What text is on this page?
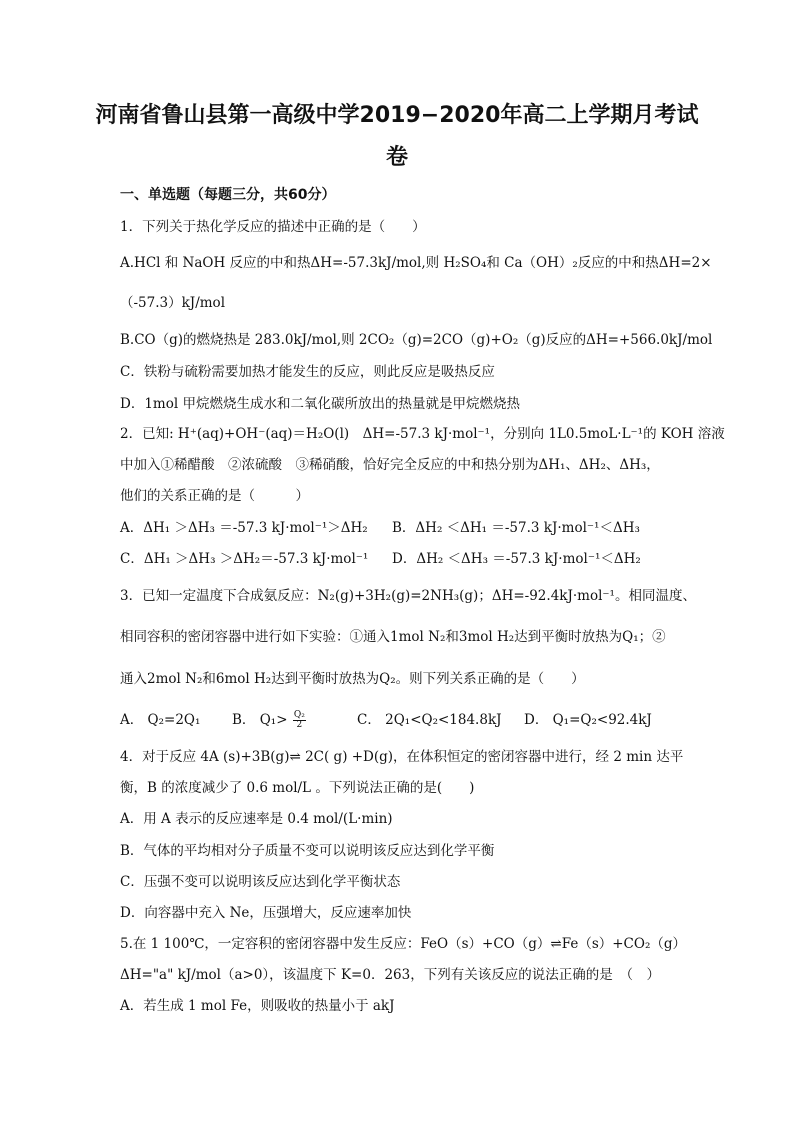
河南省鲁山县第一高级中学2019−2020年高二上学期月考试
卷
一、单选题（每题三分，共60分）
1．下列关于热化学反应的描述中正确的是（　　）
A.HCl 和 NaOH 反应的中和热ΔH=-57.3kJ/mol,则 H₂SO₄和 Ca（OH）₂反应的中和热ΔH=2×
（-57.3）kJ/mol
B.CO（g)的燃烧热是 283.0kJ/mol,则 2CO₂（g)=2CO（g)+O₂（g)反应的ΔH=+566.0kJ/mol
C．铁粉与硫粉需要加热才能发生的反应，则此反应是吸热反应
D．1mol 甲烷燃烧生成水和二氧化碳所放出的热量就是甲烷燃烧热
2．已知: H⁺(aq)+OH⁻(aq)＝H₂O(l)　ΔH=-57.3 kJ·mol⁻¹，分别向 1L0.5moL·L⁻¹的 KOH 溶液
中加入①稀醋酸　②浓硫酸　③稀硝酸，恰好完全反应的中和热分别为ΔH₁、ΔH₂、ΔH₃，
他们的关系正确的是（　　　）
A．ΔH₁ ＞ΔH₃ ＝-57.3 kJ·mol⁻¹＞ΔH₂ B．ΔH₂ ＜ΔH₁ ＝-57.3 kJ·mol⁻¹＜ΔH₃
C．ΔH₁ ＞ΔH₃ ＞ΔH₂＝-57.3 kJ·mol⁻¹ D．ΔH₂ ＜ΔH₃ ＝-57.3 kJ·mol⁻¹＜ΔH₂
3．已知一定温度下合成氨反应：N₂(g)+3H₂(g)=2NH₃(g)；ΔH=-92.4kJ·mol⁻¹。相同温度、
相同容积的密闭容器中进行如下实验：①通入1mol N₂和3mol H₂达到平衡时放热为Q₁；②
通入2mol N₂和6mol H₂达到平衡时放热为Q₂。则下列关系正确的是（　　）
A． Q₂=2Q₁ B． $Q_1> \frac{\text{Q₂}}{2}$	C． 2Q₁<Q₂<184.8kJ D． Q₁=Q₂<92.4kJ
4．对于反应 4A (s)+3B(g)⇌ 2C( g) +D(g)，在体积恒定的密闭容器中进行，经 2 min 达平
衡，B 的浓度减少了 0.6 mol/L 。下列说法正确的是(　　)
A．用 A 表示的反应速率是 0.4 mol/(L·min)
B．气体的平均相对分子质量不变可以说明该反应达到化学平衡
C．压强不变可以说明该反应达到化学平衡状态
D．向容器中充入 Ne，压强增大，反应速率加快
5.在 1 100℃，一定容积的密闭容器中发生反应：FeO（s）+CO（g）⇌Fe（s）+CO₂（g）
ΔH="a" kJ/mol（a>0），该温度下 K=0．263，下列有关该反应的说法正确的是　（　）
A．若生成 1 mol Fe，则吸收的热量小于 akJ
